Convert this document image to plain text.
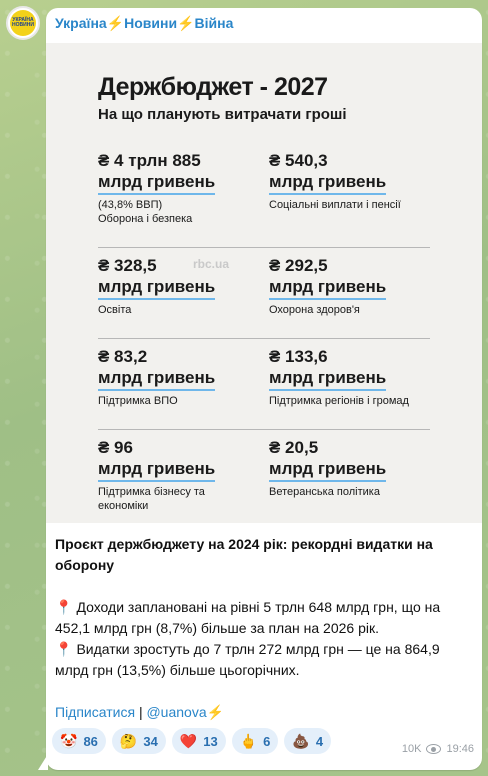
УКРАЇНА НОВИНИ Україна⚡Новини⚡Війна
Держбюджет - 2027
На що планують витрачати гроші
₴ 4 трлн 885
млрд гривень
(43,8% ВВП)
Оборона і безпека
₴ 540,3
млрд гривень
Соціальні виплати і пенсії
rbc.ua
₴ 328,5
млрд гривень
Освіта
₴ 292,5
млрд гривень
Охорона здоров'я
₴ 83,2
млрд гривень
Підтримка ВПО
₴ 133,6
млрд гривень
Підтримка регіонів і громад
₴ 96
млрд гривень
Підтримка бізнесу та економіки
₴ 20,5
млрд гривень
Ветеранська політика
Проєкт держбюджету на 2024 рік: рекордні видатки на оборону
📍 Доходи заплановані на рівні 5 трлн 648 млрд грн, що на 452,1 млрд грн (8,7%) більше за план на 2026 рік.
📍 Видатки зростуть до 7 трлн 272 млрд грн — це на 864,9 млрд грн (13,5%) більше цьогорічних.
Підписатися | @uanova⚡
🤡 86 🤔 34 ❤️ 13 🖕 6 💩 4
10K 19:46
